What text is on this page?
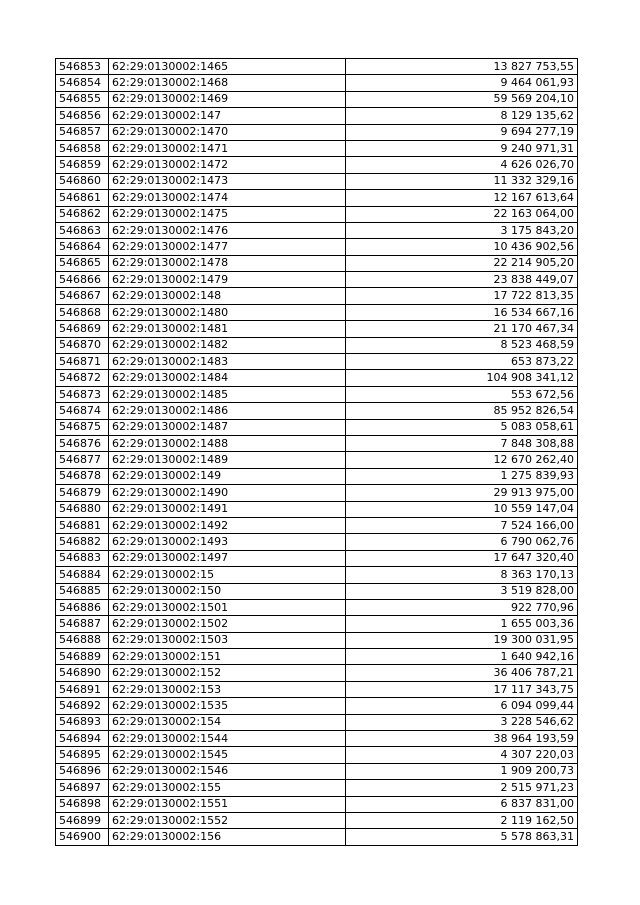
546853	62:29:0130002:1465	13 827 753,55
546854	62:29:0130002:1468	9 464 061,93
546855	62:29:0130002:1469	59 569 204,10
546856	62:29:0130002:147	8 129 135,62
546857	62:29:0130002:1470	9 694 277,19
546858	62:29:0130002:1471	9 240 971,31
546859	62:29:0130002:1472	4 626 026,70
546860	62:29:0130002:1473	11 332 329,16
546861	62:29:0130002:1474	12 167 613,64
546862	62:29:0130002:1475	22 163 064,00
546863	62:29:0130002:1476	3 175 843,20
546864	62:29:0130002:1477	10 436 902,56
546865	62:29:0130002:1478	22 214 905,20
546866	62:29:0130002:1479	23 838 449,07
546867	62:29:0130002:148	17 722 813,35
546868	62:29:0130002:1480	16 534 667,16
546869	62:29:0130002:1481	21 170 467,34
546870	62:29:0130002:1482	8 523 468,59
546871	62:29:0130002:1483	653 873,22
546872	62:29:0130002:1484	104 908 341,12
546873	62:29:0130002:1485	553 672,56
546874	62:29:0130002:1486	85 952 826,54
546875	62:29:0130002:1487	5 083 058,61
546876	62:29:0130002:1488	7 848 308,88
546877	62:29:0130002:1489	12 670 262,40
546878	62:29:0130002:149	1 275 839,93
546879	62:29:0130002:1490	29 913 975,00
546880	62:29:0130002:1491	10 559 147,04
546881	62:29:0130002:1492	7 524 166,00
546882	62:29:0130002:1493	6 790 062,76
546883	62:29:0130002:1497	17 647 320,40
546884	62:29:0130002:15	8 363 170,13
546885	62:29:0130002:150	3 519 828,00
546886	62:29:0130002:1501	922 770,96
546887	62:29:0130002:1502	1 655 003,36
546888	62:29:0130002:1503	19 300 031,95
546889	62:29:0130002:151	1 640 942,16
546890	62:29:0130002:152	36 406 787,21
546891	62:29:0130002:153	17 117 343,75
546892	62:29:0130002:1535	6 094 099,44
546893	62:29:0130002:154	3 228 546,62
546894	62:29:0130002:1544	38 964 193,59
546895	62:29:0130002:1545	4 307 220,03
546896	62:29:0130002:1546	1 909 200,73
546897	62:29:0130002:155	2 515 971,23
546898	62:29:0130002:1551	6 837 831,00
546899	62:29:0130002:1552	2 119 162,50
546900	62:29:0130002:156	5 578 863,31
